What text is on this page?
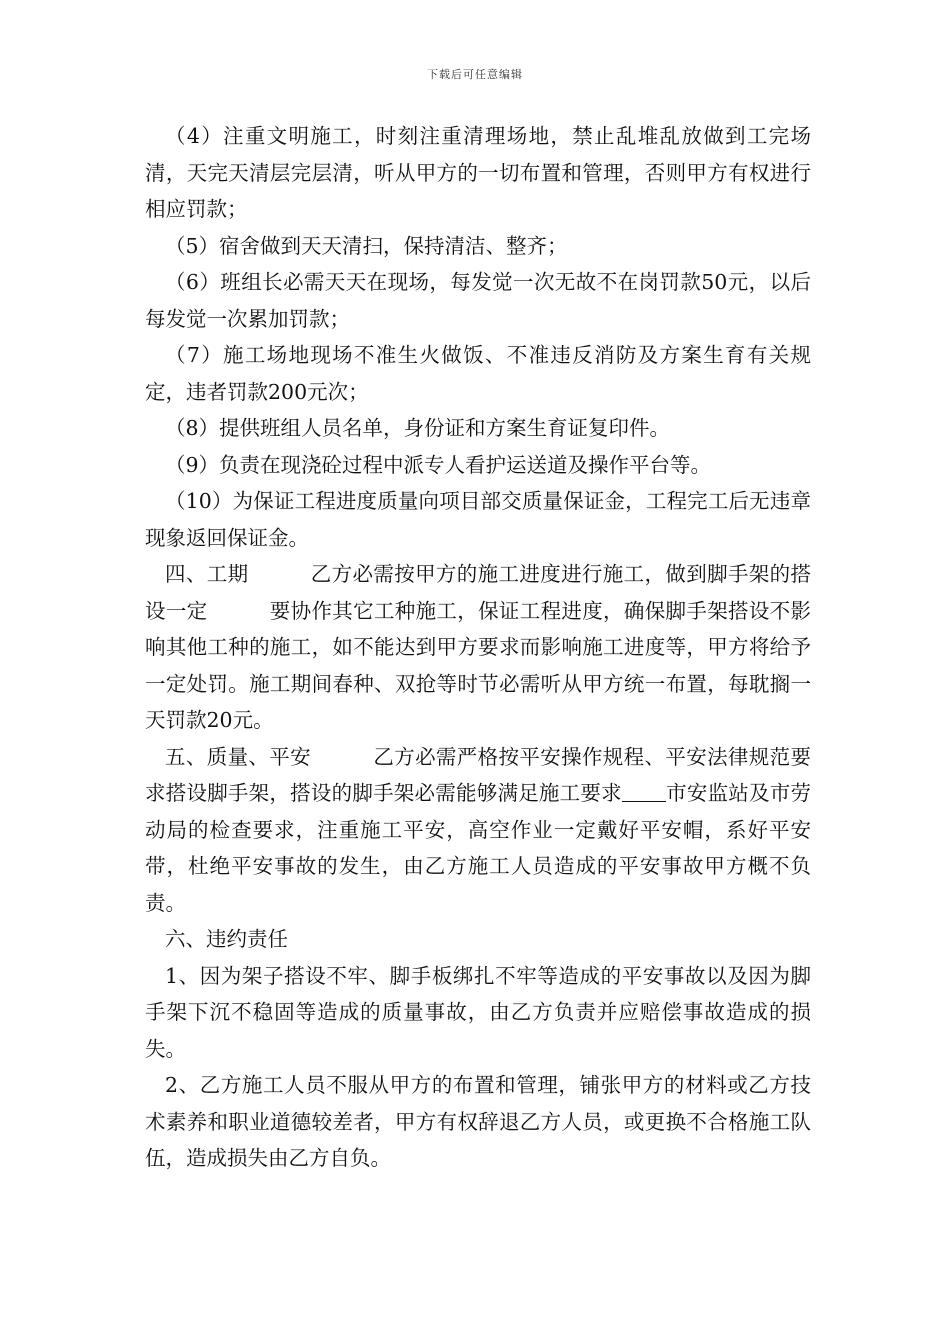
下载后可任意编辑

（4）注重文明施工，时刻注重清理场地，禁止乱堆乱放做到工完场清，天完天清层完层清，听从甲方的一切布置和管理，否则甲方有权进行相应罚款；

（5）宿舍做到天天清扫，保持清洁、整齐；

（6）班组长必需天天在现场，每发觉一次无故不在岗罚款50元，以后每发觉一次累加罚款；

（7）施工场地现场不准生火做饭、不准违反消防及方案生育有关规定，违者罚款200元次；

（8）提供班组人员名单，身份证和方案生育证复印件。

（9）负责在现浇砼过程中派专人看护运送道及操作平台等。

（10）为保证工程进度质量向项目部交质量保证金，工程完工后无违章现象返回保证金。

四、工期	乙方必需按甲方的施工进度进行施工，做到脚手架的搭设一定	要协作其它工种施工，保证工程进度，确保脚手架搭设不影响其他工种的施工，如不能达到甲方要求而影响施工进度等，甲方将给予一定处罚。施工期间春种、双抢等时节必需听从甲方统一布置，每耽搁一天罚款20元。

五、质量、平安	乙方必需严格按平安操作规程、平安法律规范要求搭设脚手架，搭设的脚手架必需能够满足施工要求 市安监站及市劳动局的检查要求，注重施工平安，高空作业一定戴好平安帽，系好平安带，杜绝平安事故的发生，由乙方施工人员造成的平安事故甲方概不负责。

六、违约责任

1、因为架子搭设不牢、脚手板绑扎不牢等造成的平安事故以及因为脚手架下沉不稳固等造成的质量事故，由乙方负责并应赔偿事故造成的损失。

2、乙方施工人员不服从甲方的布置和管理，铺张甲方的材料或乙方技术素养和职业道德较差者，甲方有权辞退乙方人员，或更换不合格施工队伍，造成损失由乙方自负。
